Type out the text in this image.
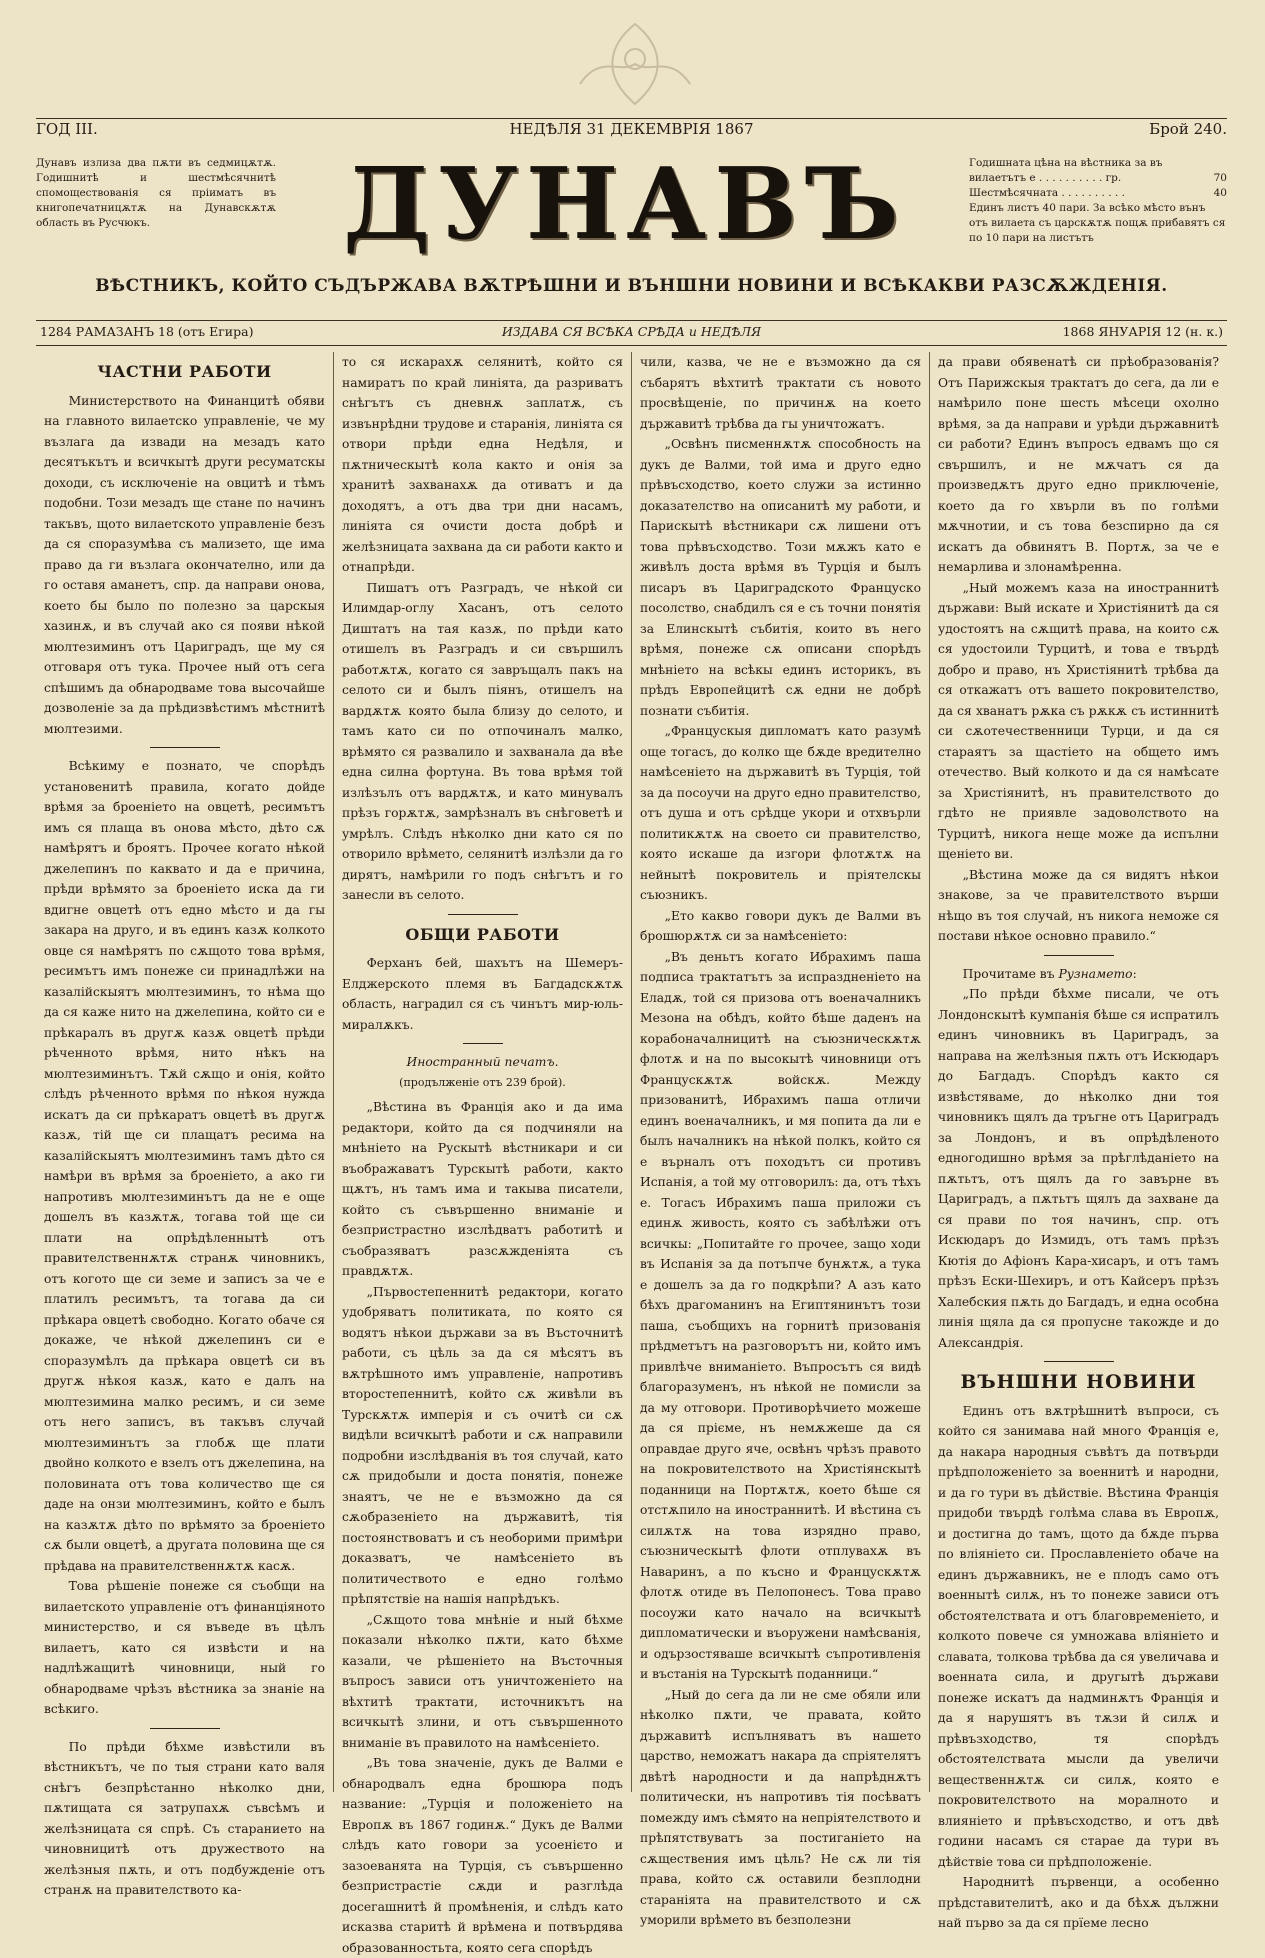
ГОД III.	НЕДѢЛЯ 31 ДЕКЕМВРІЯ 1867	Брой 240.
Дунавъ излиза два пѫти въ седмицѫтѫ. Годишнитѣ и шестмѣсячнитѣ спомоществованія ся пріиматъ въ книгопечатницѫтѫ на Дунавскѫтѫ область въ Русчюкъ.	ДУНАВЪ	Годишната цѣна на вѣстника за въ
вилаетътъ е . . . . . . . . . . гр.	70
Шестмѣсячната . . . . . . . . . .	40
Единъ листъ 40 пари. За всѣко мѣсто вънъ отъ вилаета съ царскѫтѫ пощѫ прибавятъ ся по 10 пари на листътъ
ВѢСТНИКЪ, КОЙТО СЪДЪРЖАВА ВѪТРѢШНИ И ВЪНШНИ НОВИНИ И ВСѢКАКВИ РАЗСѪЖДЕНІЯ.
1284 РАМАЗАНЪ 18 (отъ Егира)	ИЗДАВА СЯ ВСѢКА СРѢДА и НЕДѢЛЯ	1868 ЯНУАРІЯ 12 (н. к.)
ЧАСТНИ РАБОТИ

Министерството на Финанцитѣ обяви на главното вилаетско управленіе, че му възлага да извади на мезадъ като десятъкътъ и всичкытѣ други ресуматскы доходи, съ исключеніе на овцитѣ и тѣмъ подобни. Този мезадъ ще стане по начинъ такъвъ, щото вилаетското управленіе безъ да ся споразумѣва съ мализето, ще има право да ги възлага окончателно, или да го оставя аманетъ, спр. да направи онова, което бы было по полезно за царскыя хазинѫ, и въ случай ако ся появи нѣкой мюлтезиминъ отъ Цариградъ, ще му ся отговаря отъ тука. Прочее ный отъ сега спѣшимъ да обнародваме това высочайше дозволеніе за да прѣдизвѣстимъ мѣстнитѣ мюлтезими.

Всѣкиму е познато, че спорѣдъ установенитѣ правила, когато дойде врѣмя за броеніето на овцетѣ, ресимътъ имъ ся плаща въ онова мѣсто, дѣто сѫ намѣрятъ и броятъ. Прочее когато нѣкой джелепинъ по каквато и да е причина, прѣди врѣмято за броеніето иска да ги вдигне овцетѣ отъ едно мѣсто и да гы закара на друго, и въ единъ казѫ колкото овце ся намѣрятъ по сѫщото това врѣмя, ресимътъ имъ понеже си принадлѣжи на казалійскыятъ мюлтезиминъ, то нѣма що да ся каже нито на джелепина, който си е прѣкаралъ въ другѫ казѫ овцетѣ прѣди рѣченното врѣмя, нито нѣкъ на мюлтезиминътъ. Тѫй сѫщо и онія, който слѣдъ рѣченното врѣмя по нѣкоя нужда искатъ да си прѣкаратъ овцетѣ въ другѫ казѫ, тій ще си плащатъ ресима на казалійскыятъ мюлтезиминъ тамъ дѣто ся намѣри въ врѣмя за броеніето, а ако ги напротивъ мюлтезиминътъ да не е още дошелъ въ казѫтѫ, тогава той ще си плати на опрѣдѣленнытѣ отъ правителственнѫтѫ странѫ чиновникъ, отъ когото ще си земе и записъ за че е платилъ ресимътъ, та тогава да си прѣкара овцетѣ свободно. Когато обаче ся докаже, че нѣкой джелепинъ си е споразумѣлъ да прѣкара овцетѣ си въ другѫ нѣкоя казѫ, като е далъ на мюлтезимина малко ресимъ, и си земе отъ него записъ, въ такъвъ случай мюлтезиминътъ за глобѫ ще плати двойно колкото е взелъ отъ джелепина, на половината отъ това количество ще ся даде на онзи мюлтезиминъ, който е былъ на казѫтѫ дѣто по врѣмято за броеніето сѫ были овцетѣ, а другата половина ще ся прѣдава на правителственнѫтѫ касѫ.

Това рѣшеніе понеже ся съобщи на вилаетското управленіе отъ финанціяното министерство, и ся въведе въ цѣлъ вилаетъ, като ся извѣсти и на надлѣжащитѣ чиновници, ный го обнародваме чрѣзъ вѣстника за знаніе на всѣкиго.

По прѣди бѣхме извѣстили въ вѣстникътъ, че по тыя страни като валя снѣгъ безпрѣстанно нѣколко дни, пѫтищата ся затрупахѫ съвсѣмъ и желѣзницата ся спрѣ. Съ старанието на чиновницитѣ отъ дружеството на желѣзныя пѫть, и отъ подбужденіе отъ странѫ на правителството ка-

то ся искарахѫ селянитѣ, който ся намиратъ по край линіята, да разриватъ снѣгътъ съ дневнѫ заплатѫ, съ извънрѣдни трудове и старанія, линіята ся отвори прѣди една Недѣля, и пѫтническытѣ кола както и онія за хранитѣ захванахѫ да отиватъ и да доходятъ, а отъ два три дни насамъ, линіята ся очисти доста добрѣ и желѣзницата захвана да си работи както и отнапрѣди.

Пишатъ отъ Разградъ, че нѣкой си Илимдар-оглу Хасанъ, отъ селото Диштатъ на тая казѫ, по прѣди като отишелъ въ Разградъ и си свършилъ работѫтѫ, когато ся завръщалъ пакъ на селото си и былъ піянъ, отишелъ на вардѫтѫ която была близу до селото, и тамъ като си по отпочиналъ малко, врѣмято ся развалило и захванала да вѣе една силна фортуна. Въ това врѣмя той излѣзълъ отъ вардѫтѫ, и като минувалъ прѣзъ горѫтѫ, замрѣзналъ въ снѣговетѣ и умрѣлъ. Слѣдъ нѣколко дни като ся по отворило врѣмето, селянитѣ излѣзли да го дирятъ, намѣрили го подъ снѣгътъ и го занесли въ селото.

ОБЩИ РАБОТИ

Ферханъ бей, шахътъ на Шемеръ-Елджерското племя въ Багдадскѫтѫ область, наградил ся съ чинътъ мир-юль-миралѫкъ.

Иностранный печатъ.

(продълженіе отъ 239 брой).

„Вѣстина въ Франція ако и да има редактори, който да ся подчиняли на мнѣніето на Рускытѣ вѣстникари и си въображаватъ Турскытѣ работи, както щѫтъ, нъ тамъ има и такыва писатели, който съ съвършенно вниманіе и безпристрастно изслѣдватъ работитѣ и съобразяватъ разсѫжденіята съ правдѫтѫ.

„Първостепеннитѣ редактори, когато удобряватъ политиката, по която ся водятъ нѣкои държави за въ Въсточнитѣ работи, съ цѣль за да ся мѣсятъ въ вѫтрѣшното имъ управленіе, напротивъ второстепеннитѣ, който сѫ живѣли въ Турскѫтѫ имперія и съ очитѣ си сѫ видѣли всичкытѣ работи и сѫ направили подробни изслѣдванія въ тоя случай, като сѫ придобыли и доста понятія, понеже знаятъ, че не е възможно да ся сѫобразеніето на държавитѣ, тія постоянствоватъ и съ необорими примѣри доказватъ, че намѣсеніето въ политичеството е едно голѣмо прѣпятствіе на нашія напрѣдъкъ.

„Сѫщото това мнѣніе и ный бѣхме показали нѣколко пѫти, като бѣхме казали, че рѣшеніето на Въсточныя въпросъ зависи отъ уничтоженіето на вѣхтитѣ трактати, источникътъ на всичкытѣ злини, и отъ съвършенното вниманіе въ правилото на намѣсеніето.

„Въ това значеніе, дукъ де Валми е обнародвалъ една брошюра подъ название: „Турція и положеніето на Европѫ въ 1867 годинѫ.“ Дукъ де Валми слѣдъ като говори за усоенієто и зазоеванята на Турція, съ съвършенно безпристрастіе сѫди и разглѣда досегашнитѣ й промѣненія, и слѣдъ като исказва старитѣ й врѣмена и потвърдява образованностьта, която сега спорѣдъ

чили, казва, че не е възможно да ся събарятъ вѣхтитѣ трактати съ новото просвѣщеніе, по причинѫ на което държавитѣ трѣбва да гы уничтожатъ.

„Освѣнъ писменнѫтѫ способность на дукъ де Валми, той има и друго едно прѣвъсходство, което служи за истинно доказателство на описанитѣ му работи, и Парискытѣ вѣстникари сѫ лишени отъ това прѣвъсходство. Този мѫжъ като е живѣлъ доста врѣмя въ Турція и былъ писаръ въ Цариградското Францускo посолство, снабдилъ ся е съ точни понятія за Елинскытѣ събитія, които въ него врѣмя, понеже сѫ описани спорѣдъ мнѣніето на всѣкы единъ историкъ, въ прѣдъ Европейцитѣ сѫ едни не добрѣ познати събитія.

„Францускыя дипломатъ като разумѣ още тогасъ, до колко ще бѫде вредително намѣсеніето на държавитѣ въ Турція, той за да посоучи на друго едно правителство, отъ душа и отъ срѣдце укори и отхвърли политикѫтѫ на своето си правителство, която искаше да изгори флотѫтѫ на нейнытѣ покровитель и пріятелскы съюзникъ.

„Ето какво говори дукъ де Валми въ брошюрѫтѫ си за намѣсеніето:

„Въ деньтъ когато Ибрахимъ паша подписа трактатътъ за испраздненіето на Еладѫ, той ся призова отъ военачалникъ Мезона на обѣдъ, който бѣше даденъ на корабоначалницитѣ на съюзническѫтѫ флотѫ и на по высокытѣ чиновници отъ Францускѫтѫ войскѫ. Между призованитѣ, Ибрахимъ паша отличи единъ военачалникъ, и мя попита да ли е былъ началникъ на нѣкой полкъ, който ся е върналъ отъ походътъ си противъ Испанія, а той му отговорилъ: да, отъ тѣхъ е. Тогасъ Ибрахимъ паша приложи съ единѫ живость, която съ забѣлѣжи отъ всичкы: „Попитайте го прочее, защо ходи въ Испанія за да потъпче бунѫтѫ, а тука е дошелъ за да го подкрѣпи? А азъ като бѣхъ драгоманинъ на Египтянинътъ този паша, съобщихъ на горнитѣ призованія прѣдметътъ на разговорътъ ни, който имъ привлѣче вниманіето. Въпросътъ ся видѣ благоразуменъ, нъ нѣкой не помисли за да му отговори. Противорѣчието можеше да ся прієме, нъ немѫжеше да ся оправдае друго яче, освѣнъ чрѣзъ правото на покровителството на Христіянскытѣ поданници на Портѫтѫ, което бѣше ся отстѫпило на иностраннитѣ. И вѣстина съ силѫтѫ на това изрядно право, съюзническытѣ флоти отплувахѫ въ Наваринъ, а по късно и Францускѫтѫ флотѫ отиде въ Пелопонесъ. Това право посоужи като начало на всичкытѣ дипломатически и въоружени намѣсванія, и одързостяваше всичкытѣ съпротивленія и въстанія на Турскытѣ поданници.“

„Ный до сега да ли не сме обяли или нѣколко пѫти, че правата, който държавитѣ испълняватъ въ нашето царство, неможатъ накара да спріятелятъ двѣтѣ народности и да напрѣднѫтъ политически, нъ напротивъ тія посѣватъ помежду имъ сѣмято на непріятелството и прѣпятствуватъ за постиганіето на сѫществения имъ цѣль? Не сѫ ли тія права, който сѫ оставили безплодни стараніята на правителството и сѫ уморили врѣмето въ безполезни

да прави обявенатѣ си прѣобразованія? Отъ Парижскыя трактатъ до сега, да ли е намѣрило поне шесть мѣсеци охолно врѣмя, за да направи и урѣди държавнитѣ си работи? Единъ въпросъ едвамъ що ся свършилъ, и не мѫчатъ ся да произведѫтъ друго едно приключеніе, което да го хвърли въ по голѣми мѫчнотии, и съ това безспирно да ся искатъ да обвинятъ В. Портѫ, за че е немарлива и злонамѣренна.

„Ный можемъ каза на иностраннитѣ държави: Вый искате и Христіянитѣ да ся удостоятъ на сѫщитѣ права, на които сѫ ся удостоили Турцитѣ, и това е твърдѣ добро и право, нъ Христіянитѣ трѣбва да ся откажатъ отъ вашето покровителство, да ся хванатъ рѫка съ рѫкѫ съ истиннитѣ си сѫотечественници Турци, и да ся стараятъ за щастіето на общето имъ отечество. Вый колкото и да ся намѣсате за Христіянитѣ, нъ правителството до гдѣто не приявле задоволството на Турцитѣ, никога неще може да испълни щеніето ви.

„Вѣстина може да ся видятъ нѣкои знакове, за че правителството върши нѣщо въ тоя случай, нъ никога неможе ся постави нѣкое основно правило.“

Прочитаме въ Рузнамето:

„По прѣди бѣхме писали, че отъ Лондонскытѣ кумпанія бѣше ся испратилъ единъ чиновникъ въ Цариградъ, за направа на желѣзныя пѫть отъ Искюдаръ до Багдадъ. Спорѣдъ както ся извѣстяваме, до нѣколко дни тоя чиновникъ щялъ да тръгне отъ Цариградъ за Лондонъ, и въ опрѣдѣленото едногодишно врѣмя за прѣглѣданіето на пѫтьтъ, отъ щялъ да го завърне въ Цариградъ, а пѫтьтъ щялъ да захване да ся прави по тоя начинъ, спр. отъ Искюдаръ до Измидъ, отъ тамъ прѣзъ Кютія до Афіонъ Кара-хисаръ, и отъ тамъ прѣзъ Ески-Шехиръ, и отъ Кайсеръ прѣзъ Халебския пѫть до Багдадъ, и една особна линія щяла да ся пропусне такожде и до Александрія.

ВЪНШНИ НОВИНИ

Единъ отъ вѫтрѣшнитѣ въпроси, съ който ся занимава най много Франція е, да накара народныя съвѣтъ да потвърди прѣдположеніето за военнитѣ и народни, и да го тури въ дѣйствіе. Вѣстина Франція придоби твърдѣ голѣма слава въ Европѫ, и достигна до тамъ, щото да бѫде първа по вліяніето си. Прославленіето обаче на единъ държавникъ, не е плодъ само отъ военнытѣ силѫ, нъ то понеже зависи отъ обстоятелствата и отъ благовременіето, и колкото повече ся умножава вліяніето и славата, толкова трѣбва да ся увеличава и военната сила, и другытѣ държави понеже искатъ да надминѫтъ Франція и да я нарушятъ въ тѫзи й силѫ и прѣвъзходство, тя спорѣдъ обстоятелствата мысли да увеличи вещественнѫтѫ си силѫ, която е покровителството на моралното и влияніето и прѣвъсходство, и отъ двѣ години насамъ ся старае да тури въ дѣйствіе това си прѣдположеніе.

Народнитѣ първенци, а особенно прѣдставителитѣ, ако и да бѣхѫ дължни най първо за да ся прїеме лесно
